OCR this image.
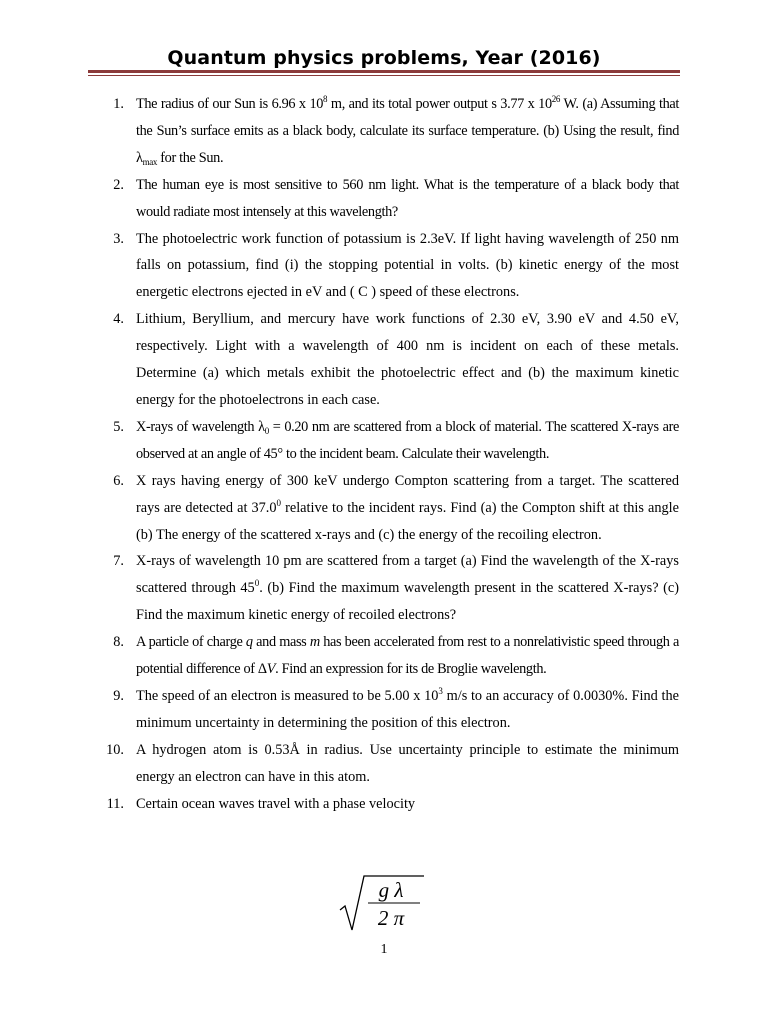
Quantum physics problems, Year (2016)
1. The radius of our Sun is 6.96 x $10^8$ m, and its total power output s 3.77 x $10^{26}$ W. (a) Assuming that the Sun’s surface emits as a black body, calculate its surface temperature. (b) Using the result, find $\lambda_{max}$ for the Sun.
2. The human eye is most sensitive to 560 nm light. What is the temperature of a black body that would radiate most intensely at this wavelength?
3. The photoelectric work function of potassium is 2.3eV. If light having wavelength of 250 nm falls on potassium, find (i) the stopping potential in volts. (b) kinetic energy of the most energetic electrons ejected in eV and ( C ) speed of these electrons.
4. Lithium, Beryllium, and mercury have work functions of 2.30 eV, 3.90 eV and 4.50 eV, respectively. Light with a wavelength of 400 nm is incident on each of these metals. Determine (a) which metals exhibit the photoelectric effect and (b) the maximum kinetic energy for the photoelectrons in each case.
5. X-rays of wavelength $\lambda_0 = 0.20$ nm are scattered from a block of material. The scattered X-rays are observed at an angle of 45° to the incident beam. Calculate their wavelength.
6. X rays having energy of 300 keV undergo Compton scattering from a target. The scattered rays are detected at 37.0$^0$ relative to the incident rays. Find (a) the Compton shift at this angle (b) The energy of the scattered x-rays and (c) the energy of the recoiling electron.
7. X-rays of wavelength 10 pm are scattered from a target (a) Find the wavelength of the X-rays scattered through $45^0$. (b) Find the maximum wavelength present in the scattered X-rays? (c) Find the maximum kinetic energy of recoiled electrons?
8. A particle of charge q and mass m has been accelerated from rest to a nonrelativistic speed through a potential difference of ΔV. Find an expression for its de Broglie wavelength.
9. The speed of an electron is measured to be 5.00 x $10^3$ m/s to an accuracy of 0.0030%. Find the minimum uncertainty in determining the position of this electron.
10. A hydrogen atom is 0.53Å in radius. Use uncertainty principle to estimate the minimum energy an electron can have in this atom.
11. Certain ocean waves travel with a phase velocity
g λ
2 π
1
